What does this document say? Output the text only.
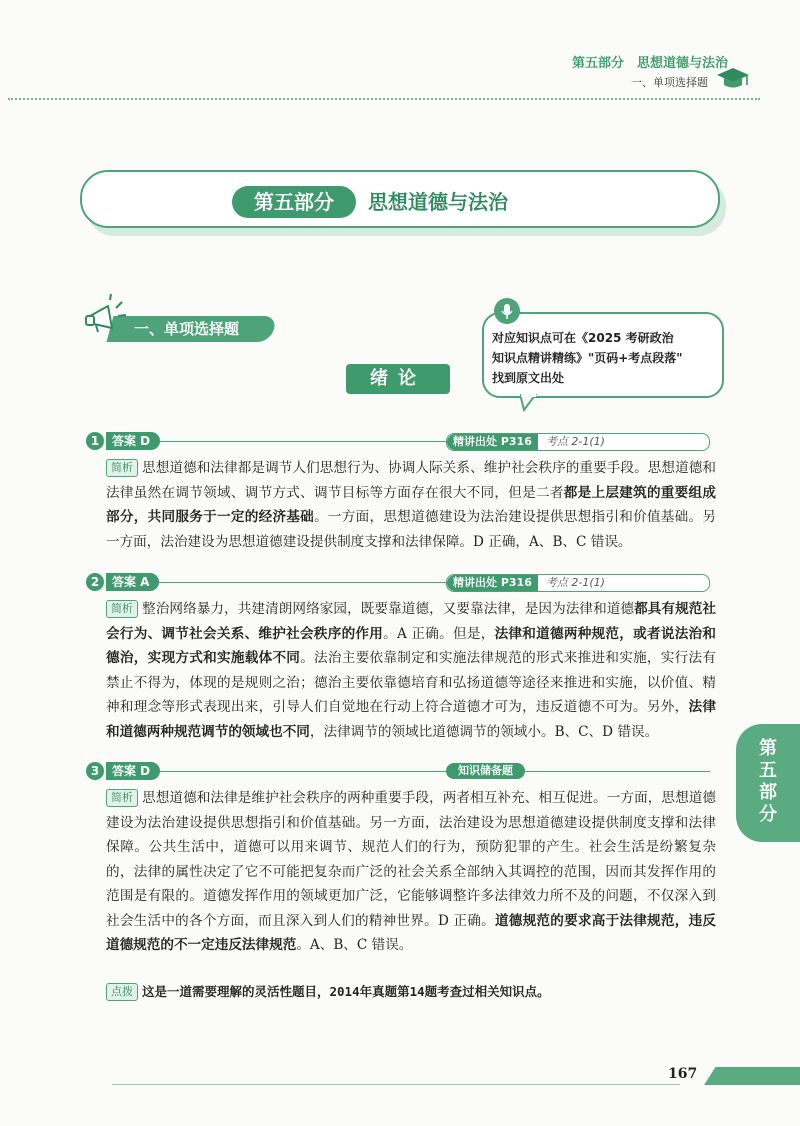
第五部分　思想道德与法治
一、单项选择题
第五部分	思想道德与法治
一、单项选择题	对应知识点可在《2025 考研政治
知识点精讲精练》"页码+考点段落"
找到原文出处
绪论
1	答案 D	精讲出处 P316 考点 2-1(1)
简析 思想道德和法律都是调节人们思想行为、协调人际关系、维护社会秩序的重要手段。思想道德和法律虽然在调节领域、调节方式、调节目标等方面存在很大不同，但是二者都是上层建筑的重要组成部分，共同服务于一定的经济基础。一方面，思想道德建设为法治建设提供思想指引和价值基础。另一方面，法治建设为思想道德建设提供制度支撑和法律保障。D 正确，A、B、C 错误。
2	答案 A	精讲出处 P316 考点 2-1(1)
简析 整治网络暴力，共建清朗网络家园，既要靠道德，又要靠法律，是因为法律和道德都具有规范社会行为、调节社会关系、维护社会秩序的作用。A 正确。但是，法律和道德两种规范，或者说法治和德治，实现方式和实施载体不同。法治主要依靠制定和实施法律规范的形式来推进和实施，实行法有禁止不得为，体现的是规则之治；德治主要依靠德培育和弘扬道德等途径来推进和实施，以价值、精神和理念等形式表现出来，引导人们自觉地在行动上符合道德才可为，违反道德不可为。另外，法律和道德两种规范调节的领域也不同，法律调节的领域比道德调节的领域小。B、C、D 错误。
3	答案 D	知识储备题
简析 思想道德和法律是维护社会秩序的两种重要手段，两者相互补充、相互促进。一方面，思想道德建设为法治建设提供思想指引和价值基础。另一方面，法治建设为思想道德建设提供制度支撑和法律保障。公共生活中，道德可以用来调节、规范人们的行为，预防犯罪的产生。社会生活是纷繁复杂的，法律的属性决定了它不可能把复杂而广泛的社会关系全部纳入其调控的范围，因而其发挥作用的范围是有限的。道德发挥作用的领域更加广泛，它能够调整许多法律效力所不及的问题，不仅深入到社会生活中的各个方面，而且深入到人们的精神世界。D 正确。道德规范的要求高于法律规范，违反道德规范的不一定违反法律规范。A、B、C 错误。
点拨 这是一道需要理解的灵活性题目，2014年真题第14题考查过相关知识点。
第五
部分
167
